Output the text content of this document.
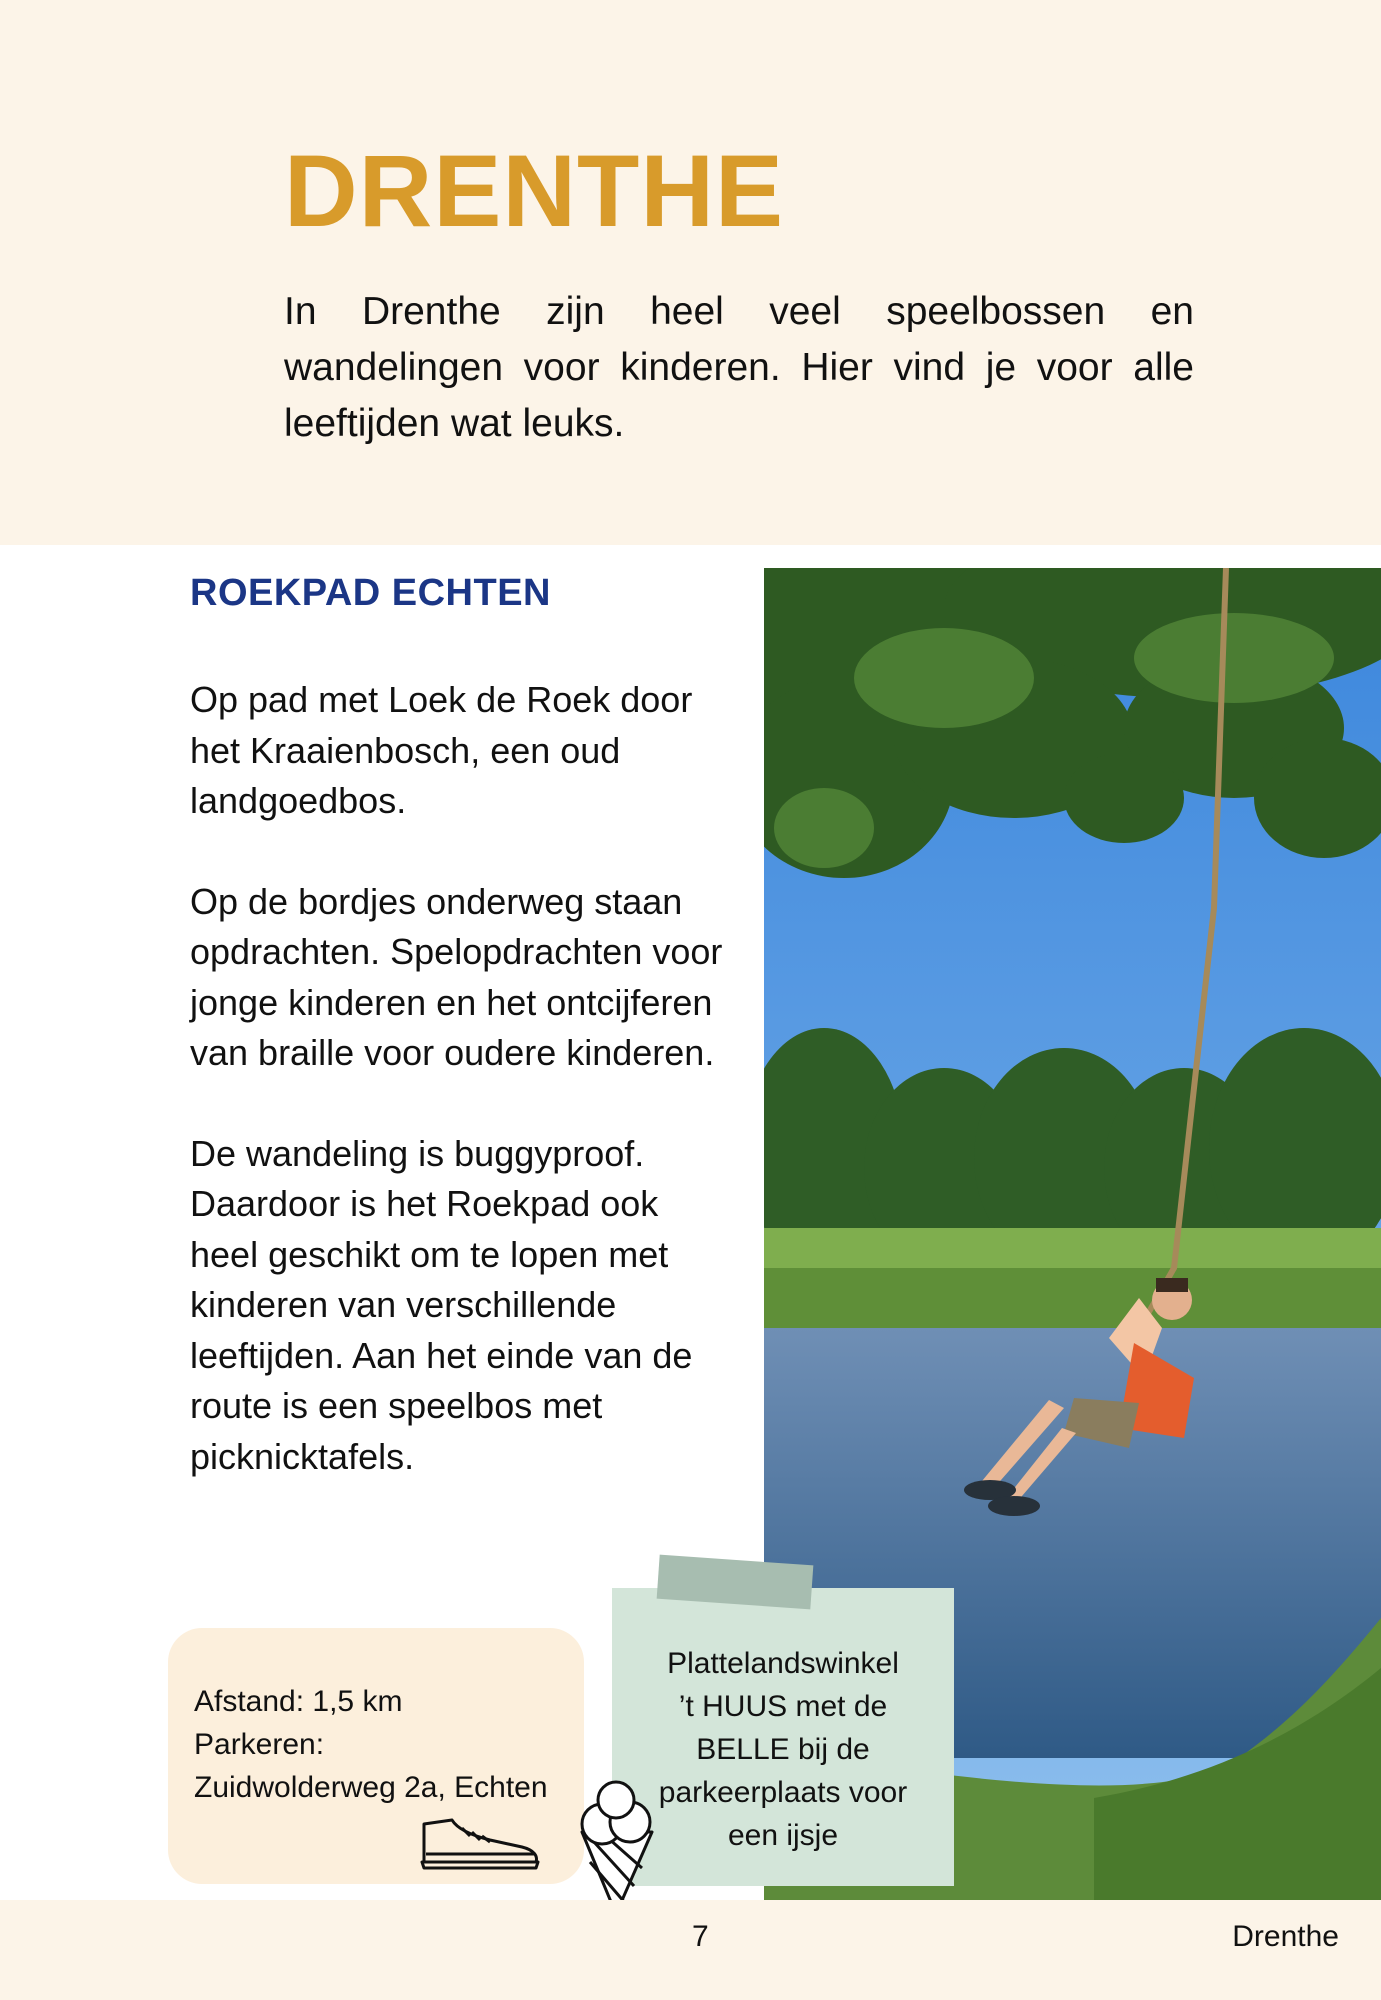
DRENTHE

In Drenthe zijn heel veel speelbossen en wandelingen voor kinderen. Hier vind je voor alle leeftijden wat leuks.

ROEKPAD ECHTEN

Op pad met Loek de Roek door het Kraaienbosch, een oud landgoedbos.

Op de bordjes onderweg staan opdrachten. Spelopdrachten voor jonge kinderen en het ontcijferen van braille voor oudere kinderen.

De wandeling is buggyproof. Daardoor is het Roekpad ook heel geschikt om te lopen met kinderen van verschillende leeftijden. Aan het einde van de route is een speelbos met picknicktafels.

Afstand: 1,5 km
Parkeren:
Zuidwolderweg 2a, Echten
Plattelandswinkel
’t HUUS met de
BELLE bij de
parkeerplaats voor
een ijsje
7	Drenthe
